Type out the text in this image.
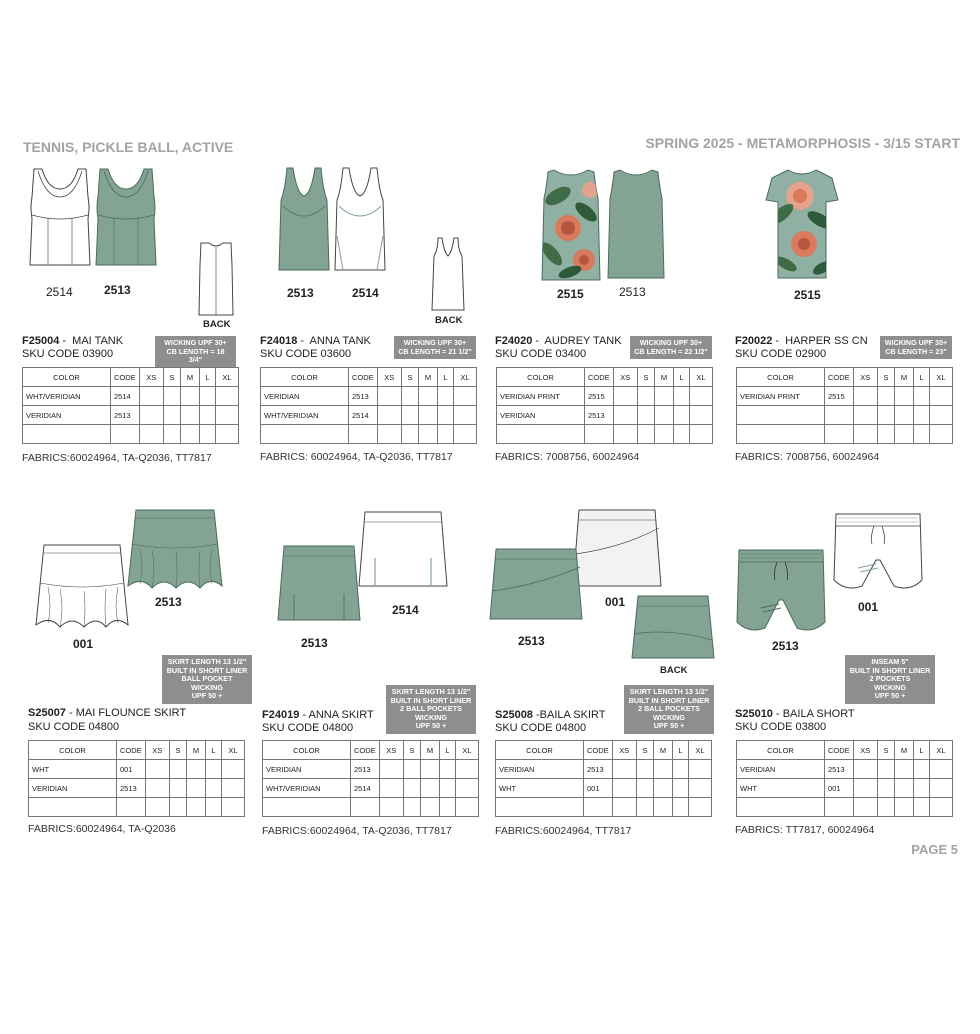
TENNIS, PICKLE BALL, ACTIVE	SPRING 2025 - METAMORPHOSIS - 3/15 START
PAGE 5
2514	2513
BACK
2513	2514
BACK
2515	2513	2515
F25004 -  MAI TANK
SKU CODE 03900
WICKING UPF 30+
CB LENGTH = 18 3/4"
F24018 -  ANNA TANK
SKU CODE 03600
WICKING UPF 30+
CB LENGTH = 21 1/2"
F24020 -  AUDREY TANK
SKU CODE 03400
WICKING UPF 30+
CB LENGTH = 22 1/2"
F20022 -  HARPER SS CN
SKU CODE 02900
WICKING UPF 30+
CB LENGTH = 23"
COLOR	CODE	XS	S	M	L	XL
WHT/VERIDIAN	2514					
VERIDIAN	2513					

COLOR	CODE	XS	S	M	L	XL
VERIDIAN	2513					
WHT/VERIDIAN	2514					

COLOR	CODE	XS	S	M	L	XL
VERIDIAN PRINT	2515					
VERIDIAN	2513					

COLOR	CODE	XS	S	M	L	XL
VERIDIAN PRINT	2515					

FABRICS:60024964, TA-Q2036, TT7817	FABRICS: 60024964, TA-Q2036, TT7817	FABRICS: 7008756, 60024964	FABRICS: 7008756, 60024964
001
2513
2513
2514
001
2513
BACK
2513
001
SKIRT LENGTH 13 1/2"
BUILT IN SHORT LINER
BALL POCKET
WICKING
UPF 50 +	SKIRT LENGTH 13 1/2"
BUILT IN SHORT LINER
2 BALL POCKETS
WICKING
UPF 50 +
SKIRT LENGTH 13 1/2"
BUILT IN SHORT LINER
2 BALL POCKETS
WICKING
UPF 50 +
INSEAM 5"
BUILT IN SHORT LINER
2 POCKETS
WICKING
UPF 50 +
S25007 - MAI FLOUNCE SKIRT
SKU CODE 04800
F24019 - ANNA SKIRT
SKU CODE 04800
S25008 -BAILA SKIRT
SKU CODE 04800
S25010 - BAILA SHORT
SKU CODE 03800
COLOR	CODE	XS	S	M	L	XL
WHT	001					
VERIDIAN	2513					

COLOR	CODE	XS	S	M	L	XL
VERIDIAN	2513					
WHT/VERIDIAN	2514					

COLOR	CODE	XS	S	M	L	XL
VERIDIAN	2513					
WHT	001					

COLOR	CODE	XS	S	M	L	XL
VERIDIAN	2513					
WHT	001					

FABRICS:60024964, TA-Q2036	FABRICS:60024964, TA-Q2036, TT7817	FABRICS:60024964, TT7817	FABRICS: TT7817, 60024964
